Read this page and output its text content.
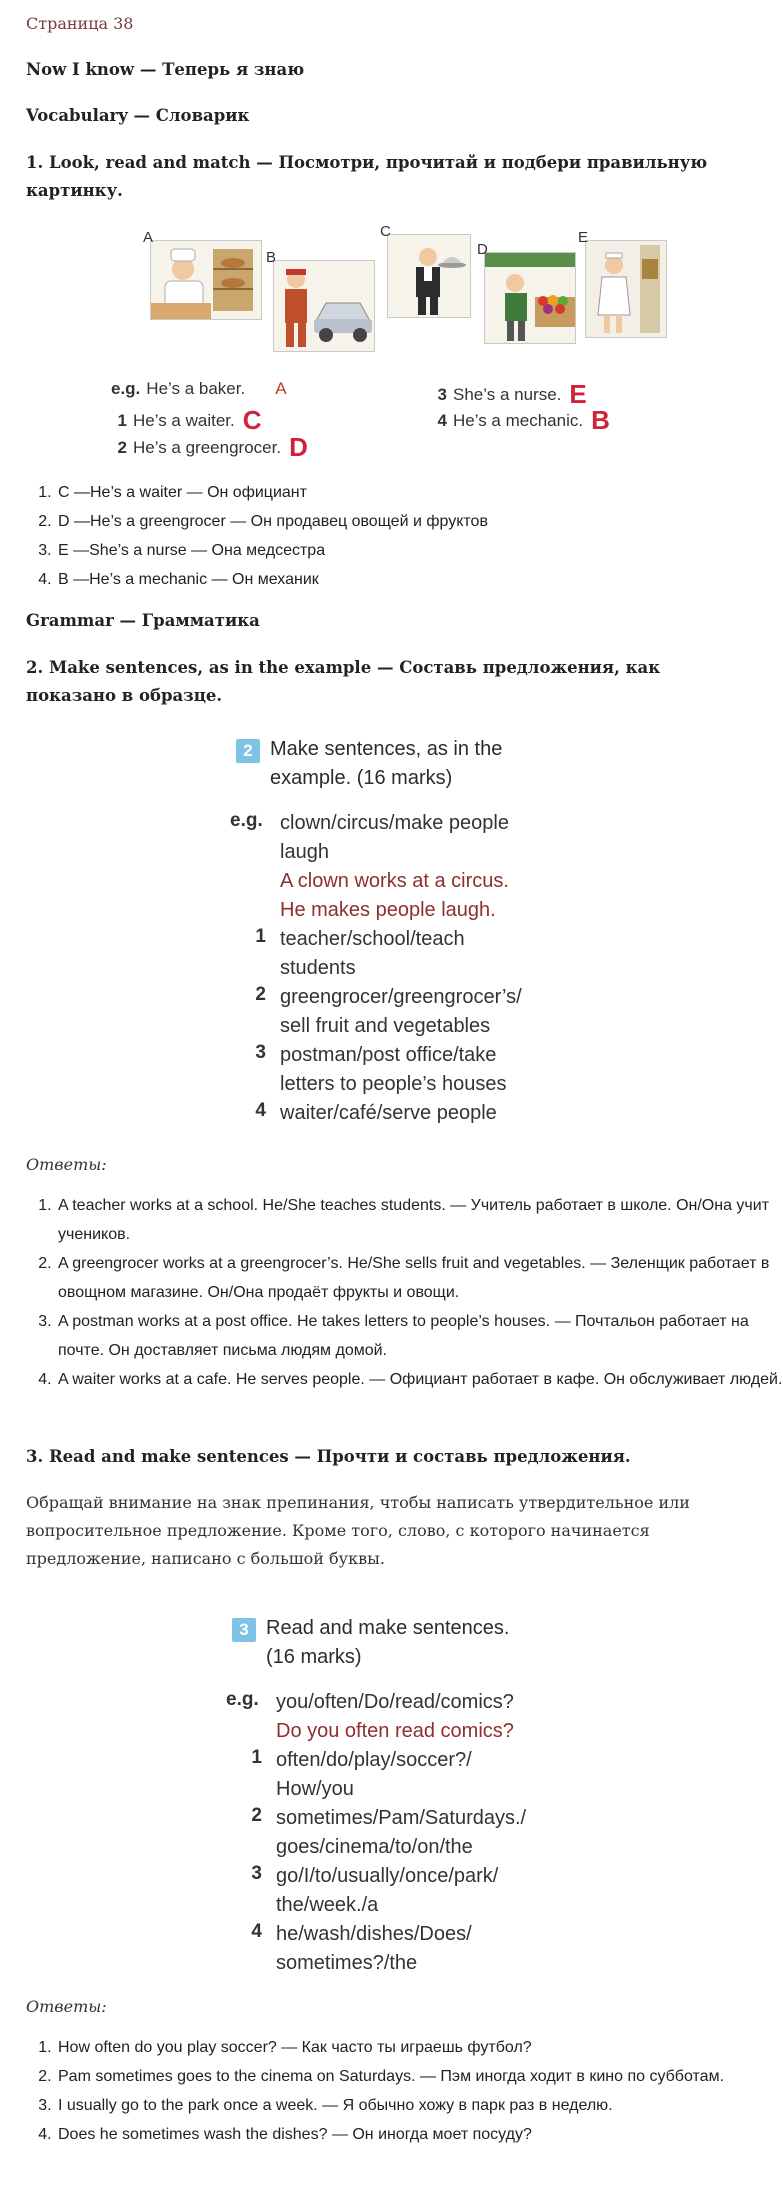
Страница 38
Now I know — Теперь я знаю
Vocabulary — Словарик
1. Look, read and match — Посмотри, прочитай и подбери правильную
картинку.
A
B
C
D
E
e.g. He’s a baker. A
1 He’s a waiter. C
2 He’s a greengrocer. D
3 She’s a nurse. E
4 He’s a mechanic. B
1. C —He’s a waiter — Он официант
2. D —He’s a greengrocer — Он продавец овощей и фруктов
3. E —She’s a nurse — Она медсестра
4. B —He’s a mechanic — Он механик
Grammar — Грамматика
2. Make sentences, as in the example — Составь предложения, как
показано в образце.
2 Make sentences, as in the
example. (16 marks)
e.g. clown/circus/make people
laugh
A clown works at a circus.
He makes people laugh.
1 teacher/school/teach
students
2 greengrocer/greengrocer’s/
sell fruit and vegetables
3 postman/post office/take
letters to people’s houses
4 waiter/café/serve people
Ответы:
1. A teacher works at a school. He/She teaches students. — Учитель работает в школе. Он/Она учит учеников.
2. A greengrocer works at a greengrocer’s. He/She sells fruit and vegetables. — Зеленщик работает в овощном магазине. Он/Она продаёт фрукты и овощи.
3. A postman works at a post office. He takes letters to people’s houses. — Почтальон работает на почте. Он доставляет письма людям домой.
4. A waiter works at a cafe. He serves people. — Официант работает в кафе. Он обслуживает людей.
3. Read and make sentences — Прочти и составь предложения.
Обращай внимание на знак препинания, чтобы написать утвердительное или вопросительное предложение. Кроме того, слово, с которого начинается предложение, написано с большой буквы.
3 Read and make sentences.
(16 marks)
e.g. you/often/Do/read/comics?
Do you often read comics?
1 often/do/play/soccer?/
How/you
2 sometimes/Pam/Saturdays./
goes/cinema/to/on/the
3 go/I/to/usually/once/park/
the/week./a
4 he/wash/dishes/Does/
sometimes?/the
Ответы:
1. How often do you play soccer? — Как часто ты играешь футбол?
2. Pam sometimes goes to the cinema on Saturdays. — Пэм иногда ходит в кино по субботам.
3. I usually go to the park once a week. — Я обычно хожу в парк раз в неделю.
4. Does he sometimes wash the dishes? — Он иногда моет посуду?
